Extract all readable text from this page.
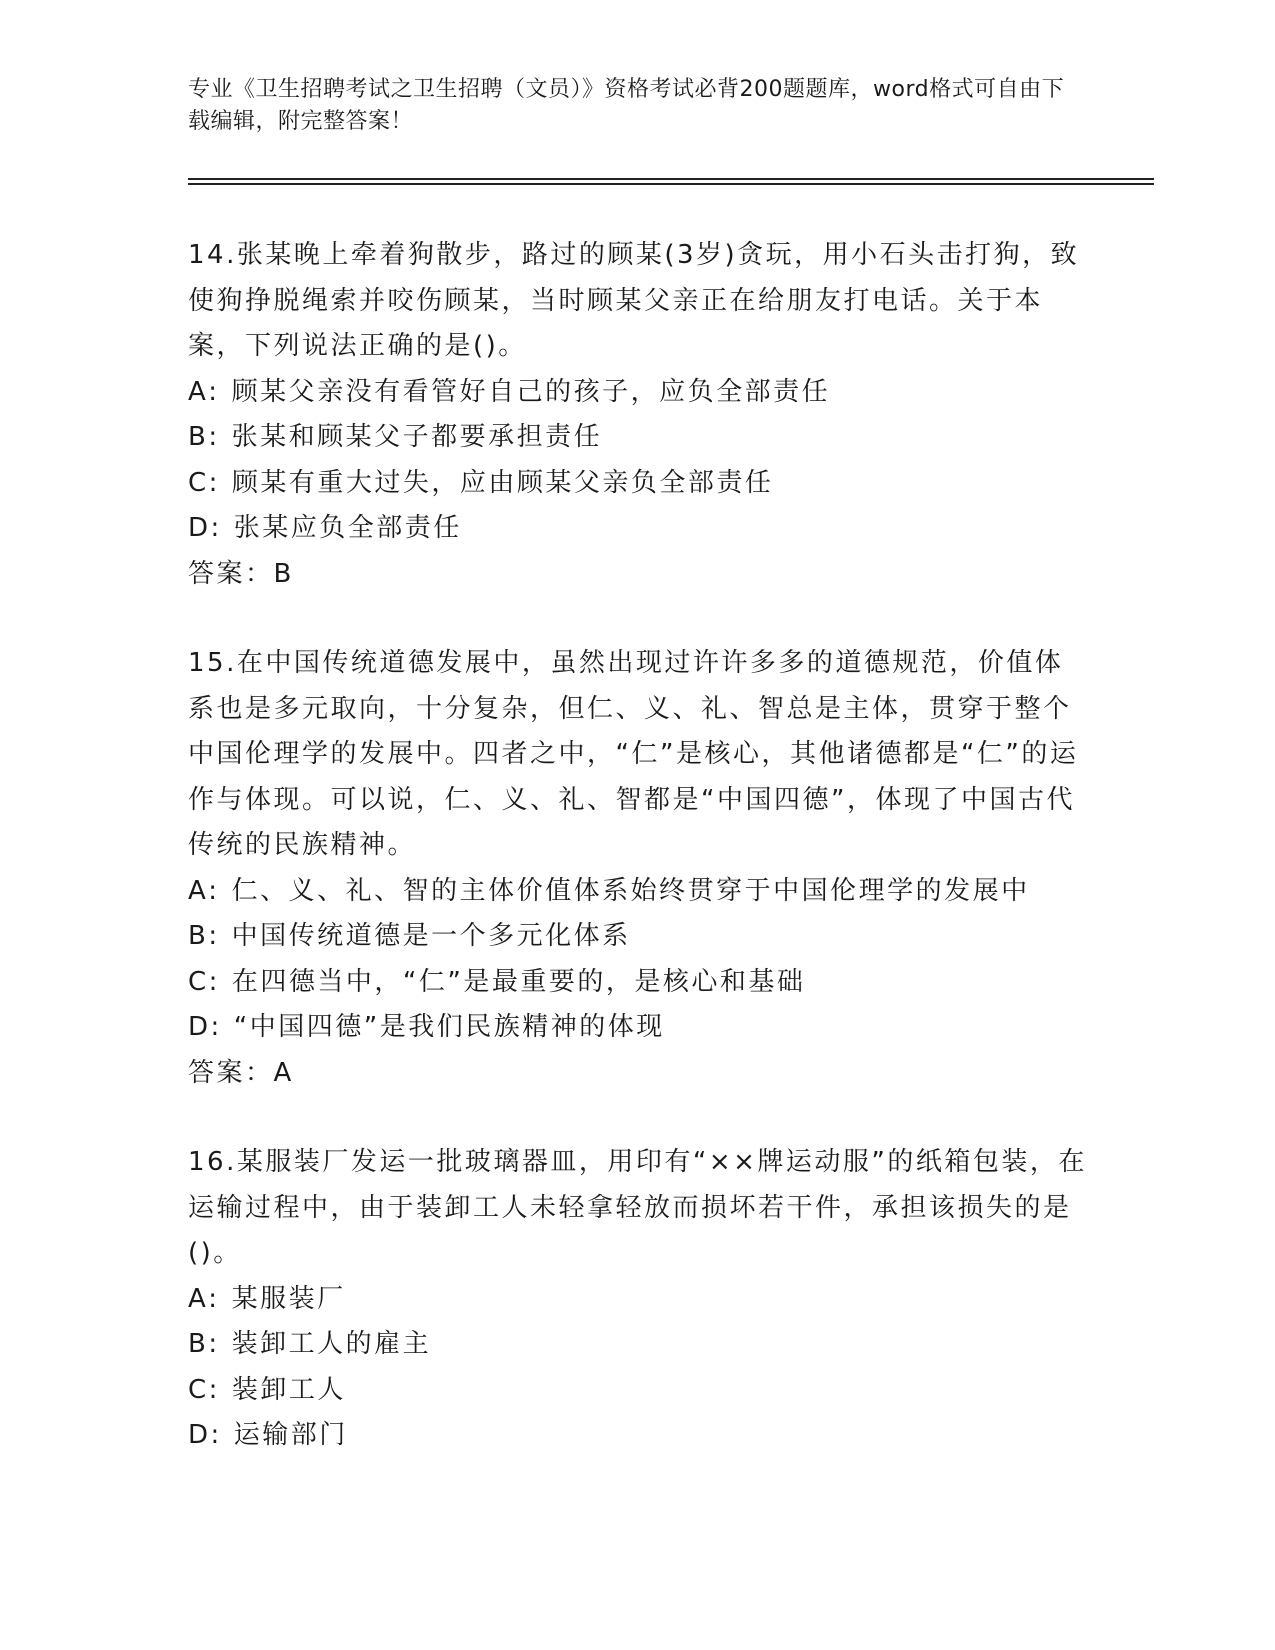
专业《卫生招聘考试之卫生招聘（文员）》资格考试必背200题题库，word格式可自由下载编辑，附完整答案！

14.张某晚上牵着狗散步，路过的顾某(3岁)贪玩，用小石头击打狗，致使狗挣脱绳索并咬伤顾某，当时顾某父亲正在给朋友打电话。关于本案，下列说法正确的是()。

A: 顾某父亲没有看管好自己的孩子，应负全部责任
B: 张某和顾某父子都要承担责任
C: 顾某有重大过失，应由顾某父亲负全部责任
D: 张某应负全部责任
答案：B

15.在中国传统道德发展中，虽然出现过许许多多的道德规范，价值体系也是多元取向，十分复杂，但仁、义、礼、智总是主体，贯穿于整个中国伦理学的发展中。四者之中，“仁”是核心，其他诸德都是“仁”的运作与体现。可以说，仁、义、礼、智都是“中国四德”，体现了中国古代传统的民族精神。

A: 仁、义、礼、智的主体价值体系始终贯穿于中国伦理学的发展中
B: 中国传统道德是一个多元化体系
C: 在四德当中，“仁”是最重要的，是核心和基础
D: “中国四德”是我们民族精神的体现
答案：A

16.某服装厂发运一批玻璃器皿，用印有“××牌运动服”的纸箱包装，在运输过程中，由于装卸工人未轻拿轻放而损坏若干件，承担该损失的是()。

A: 某服装厂
B: 装卸工人的雇主
C: 装卸工人
D: 运输部门
